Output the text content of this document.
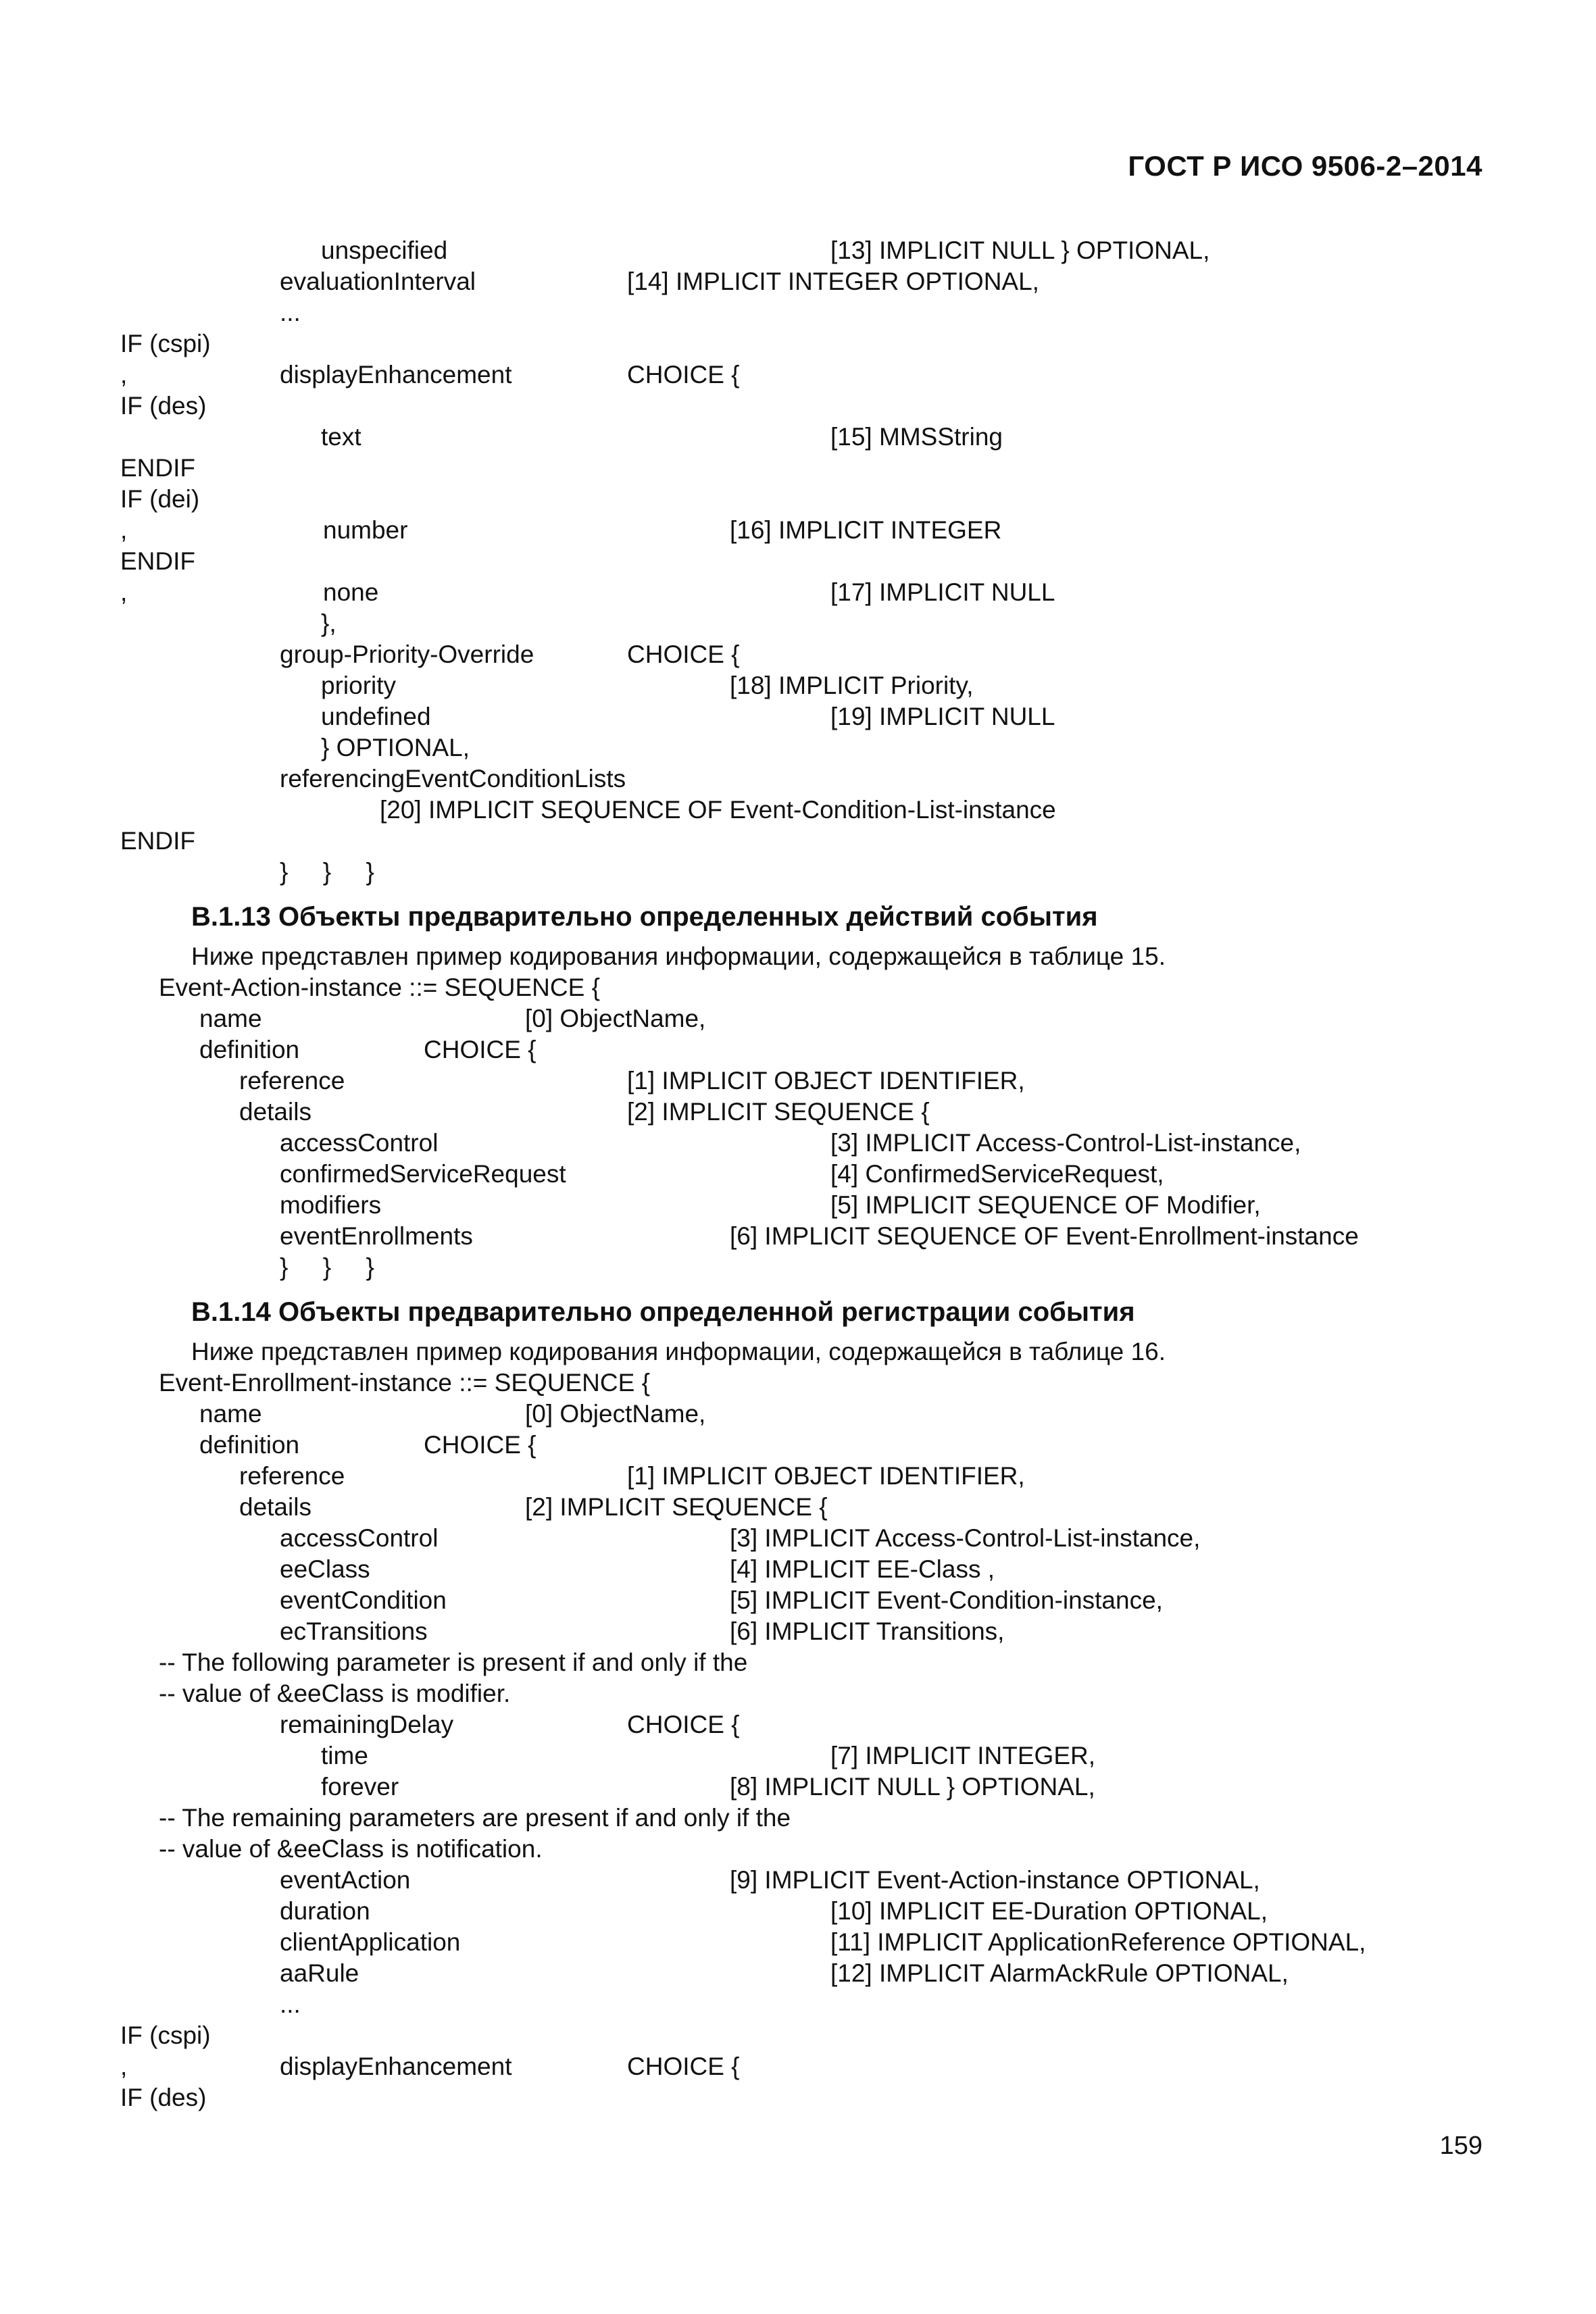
ГОСТ Р ИСО 9506-2–2014
unspecified	[13] IMPLICIT NULL } OPTIONAL,
evaluationInterval	[14] IMPLICIT INTEGER OPTIONAL,
...
IF (cspi)
,	displayEnhancement	CHOICE {
IF (des)
text	[15] MMSString
ENDIF
IF (dei)
,	number	[16] IMPLICIT INTEGER
ENDIF
,	none	[17] IMPLICIT NULL
},
group-Priority-Override	CHOICE {
priority	[18] IMPLICIT Priority,
undefined	[19] IMPLICIT NULL
} OPTIONAL,
referencingEventConditionLists
[20] IMPLICIT SEQUENCE OF Event-Condition-List-instance
ENDIF
}     }     }
B.1.13 Объекты предварительно определенных действий события
Ниже представлен пример кодирования информации, содержащейся в таблице 15.
Event-Action-instance ::= SEQUENCE {
name	[0] ObjectName,
definition	CHOICE {
reference	[1] IMPLICIT OBJECT IDENTIFIER,
details	[2] IMPLICIT SEQUENCE {
accessControl	[3] IMPLICIT Access-Control-List-instance,
confirmedServiceRequest	[4] ConfirmedServiceRequest,
modifiers	[5] IMPLICIT SEQUENCE OF Modifier,
eventEnrollments	[6] IMPLICIT SEQUENCE OF Event-Enrollment-instance
}     }     }
B.1.14 Объекты предварительно определенной регистрации события
Ниже представлен пример кодирования информации, содержащейся в таблице 16.
Event-Enrollment-instance ::= SEQUENCE {
name	[0] ObjectName,
definition	CHOICE {
reference	[1] IMPLICIT OBJECT IDENTIFIER,
details	[2] IMPLICIT SEQUENCE {
accessControl	[3] IMPLICIT Access-Control-List-instance,
eeClass	[4] IMPLICIT EE-Class ,
eventCondition	[5] IMPLICIT Event-Condition-instance,
ecTransitions	[6] IMPLICIT Transitions,
-- The following parameter is present if and only if the
-- value of &eeClass is modifier.
remainingDelay	CHOICE {
time	[7] IMPLICIT INTEGER,
forever	[8] IMPLICIT NULL } OPTIONAL,
-- The remaining parameters are present if and only if the
-- value of &eeClass is notification.
eventAction	[9] IMPLICIT Event-Action-instance OPTIONAL,
duration	[10] IMPLICIT EE-Duration OPTIONAL,
clientApplication	[11] IMPLICIT ApplicationReference OPTIONAL,
aaRule	[12] IMPLICIT AlarmAckRule OPTIONAL,
...
IF (cspi)
,	displayEnhancement	CHOICE {
IF (des)
159
